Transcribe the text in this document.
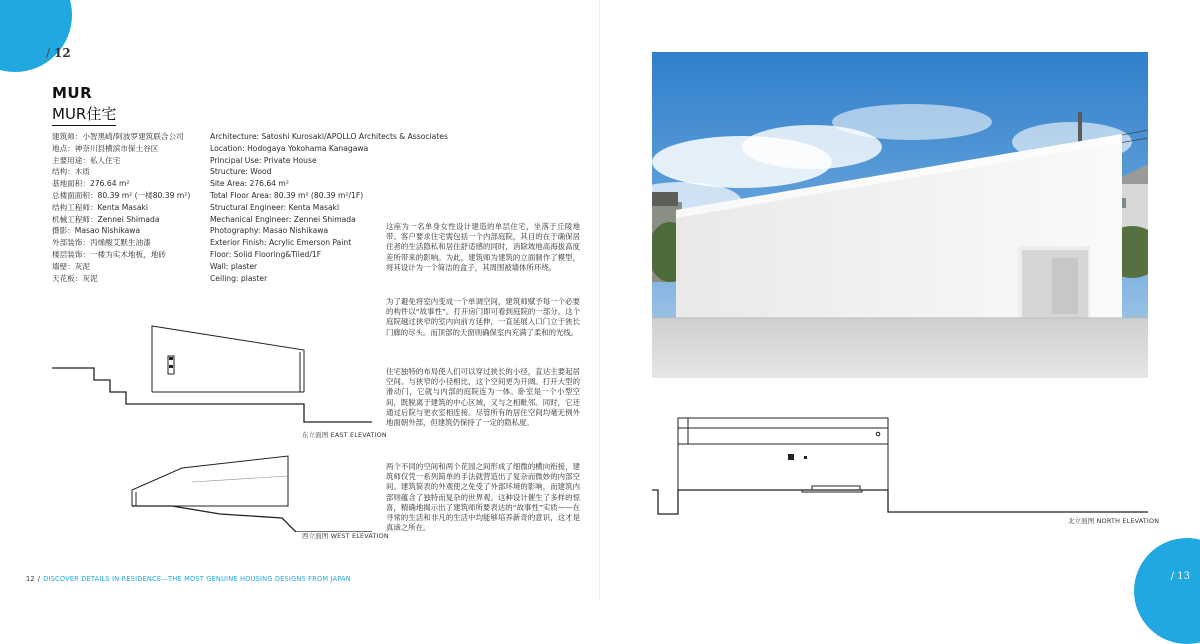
/ 12
MUR
MUR住宅
建筑师：小智黑崎/阿波罗建筑联合公司
地点：神奈川县横滨市保土谷区
主要用途：私人住宅
结构：木质
基地面积：276.64 m²
总楼面面积：80.39 m² (一楼80.39 m²)
结构工程师：Kenta Masaki
机械工程师：Zennei Shimada
摄影：Masao Nishikawa
外部装饰：丙烯酸艾默生油漆
楼层装饰：一楼为实木地板，地砖
墙壁：灰泥
天花板：灰泥
Architecture: Satoshi Kurosaki/APOLLO Architects & Associates
Location: Hodogaya Yokohama Kanagawa
Principal Use: Private House
Structure: Wood
Site Area: 276.64 m²
Total Floor Area: 80.39 m² (80.39 m²/1F)
Structural Engineer: Kenta Masaki
Mechanical Engineer: Zennei Shimada
Photography: Masao Nishikawa
Exterior Finish: Acrylic Emerson Paint
Floor: Solid Flooring&Tiled/1F
Wall: plaster
Ceiling: plaster
这座为一名单身女性设计建造的单层住宅，坐落于丘陵地带。客户要求住宅需包括一个内部庭院，其目的在于确保居住者的生活隐私和居住舒适感的同时，消除坡地高海拔高度差所带来的影响。为此，建筑师为建筑的立面制作了模型，将其设计为一个简洁的盒子，其周围被墙体所环绕。
为了避免将室内变成一个单调空间，建筑师赋予每一个必要的构件以“故事性”。打开房门即可看到庭院的一部分。这个庭院越过狭窄的室内向前方延伸，一直延展入口门立于狭长门廊的尽头。而顶部的天窗则确保室内充满了柔和的光线。
住宅独特的布局使人们可以穿过狭长的小径，直达主要起居空间。与狭窄的小径相比，这个空间更为开阔。打开大型的滑动门，它就与内部的庭院连为一体。卧室是一个小型空间，既脱离于建筑的中心区域，又与之相毗邻。同时，它还通过后院与更衣室相连接。尽管所有的居住空间均毫无例外地面朝外部，但建筑仍保持了一定的隐私度。
两个不同的空间和两个花园之间形成了细微的横向衔接，建筑师仅凭一系列简单的手法就营造出了复杂而微妙的内部空间。建筑简表的外观使之免受了外部环境的影响，而建筑内部则蕴含了独特而复杂的世界观。这种设计催生了多样的惊喜，精确地揭示出了建筑师所要表达的“故事性”实质——在寻常的生活和非凡的生活中均能够培养新奇的意识，这才是真谛之所在。
东立面图 EAST ELEVATION
西立面图 WEST ELEVATION
12 / DISCOVER DETAILS IN RESIDENCE—THE MOST GENUINE HOUSING DESIGNS FROM JAPAN
北立面图 NORTH ELEVATION
/ 13
